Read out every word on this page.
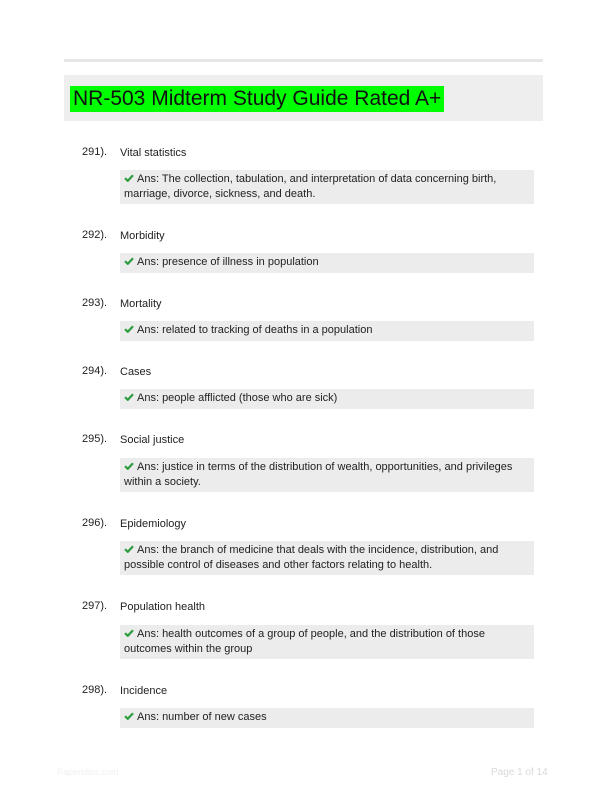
NR-503 Midterm Study Guide Rated A+
291). Vital statistics
Ans: The collection, tabulation, and interpretation of data concerning birth, marriage, divorce, sickness, and death.
292). Morbidity
Ans: presence of illness in population
293). Mortality
Ans: related to tracking of deaths in a population
294). Cases
Ans: people afflicted (those who are sick)
295). Social justice
Ans: justice in terms of the distribution of wealth, opportunities, and privileges within a society.
296). Epidemiology
Ans: the branch of medicine that deals with the incidence, distribution, and possible control of diseases and other factors relating to health.
297). Population health
Ans: health outcomes of a group of people, and the distribution of those outcomes within the group
298). Incidence
Ans: number of new cases
Paperbliss.com	Page 1 of 14
